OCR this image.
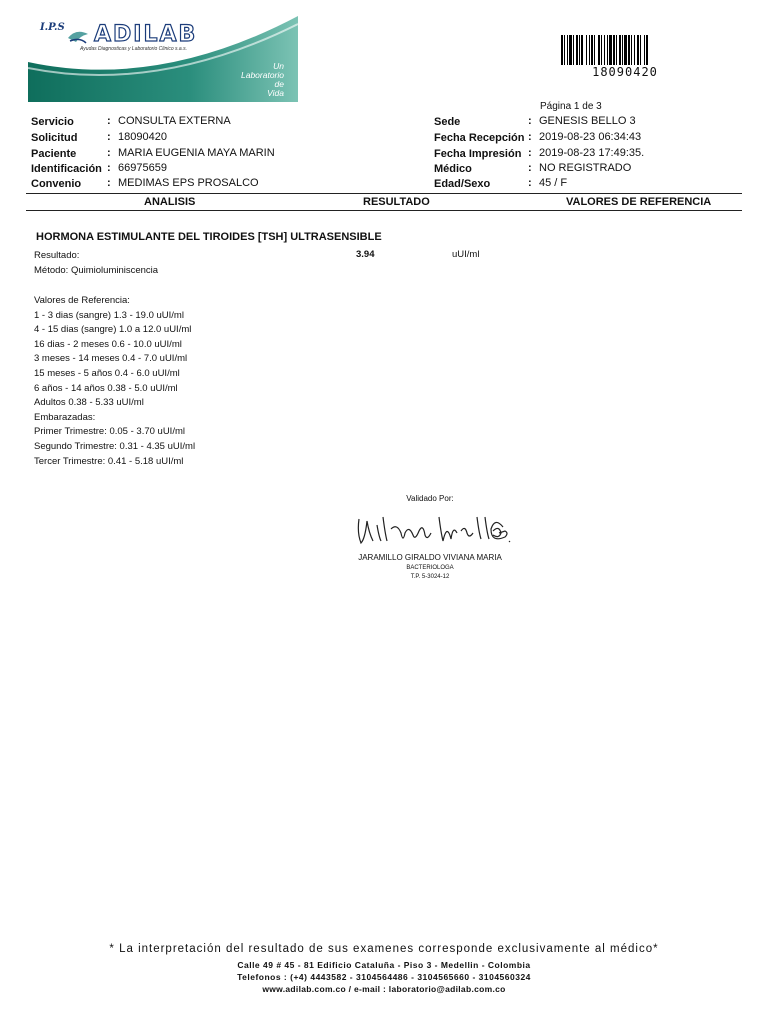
I.P.S ADILAB
Ayudas Diagnosticas y Laboratorio Clinico s.a.s.
Un
Laboratorio
de
Vida
18090420
Página 1 de 3
Servicio	: CONSULTA EXTERNA
Solicitud	: 18090420
Paciente	: MARIA EUGENIA MAYA MARIN
Identificación : 66975659
Convenio : MEDIMAS EPS PROSALCO
Sede	: GENESIS BELLO 3
Fecha Recepción : 2019-08-23 06:34:43
Fecha Impresión : 2019-08-23 17:49:35.
Médico	: NO REGISTRADO
Edad/Sexo	: 45 / F
ANALISIS	RESULTADO	VALORES DE REFERENCIA
HORMONA ESTIMULANTE DEL TIROIDES [TSH] ULTRASENSIBLE
Resultado:	3.94	uUI/ml
Método: Quimioluminiscencia
Valores de Referencia:
1 - 3 dias (sangre) 1.3 - 19.0 uUI/ml
4 - 15 dias (sangre) 1.0 a 12.0 uUI/ml
16 dias - 2 meses 0.6 - 10.0 uUI/ml
3 meses - 14 meses 0.4 - 7.0 uUI/ml
15 meses - 5 años 0.4 - 6.0 uUI/ml
6 años - 14 años 0.38 - 5.0 uUI/ml
Adultos 0.38 - 5.33 uUI/ml
Embarazadas:
Primer Trimestre: 0.05 - 3.70 uUI/ml
Segundo Trimestre: 0.31 - 4.35 uUI/ml
Tercer Trimestre: 0.41 - 5.18 uUI/ml
Validado Por:
JARAMILLO GIRALDO VIVIANA MARIA
BACTERIOLOGA
T.P. 5-3024-12
* La interpretación del resultado de sus examenes corresponde exclusivamente al médico*
Calle 49 # 45 - 81 Edificio Cataluña - Piso 3 - Medellin - Colombia
Telefonos : (+4) 4443582 - 3104564486 - 3104565660 - 3104560324
www.adilab.com.co / e-mail : laboratorio@adilab.com.co
